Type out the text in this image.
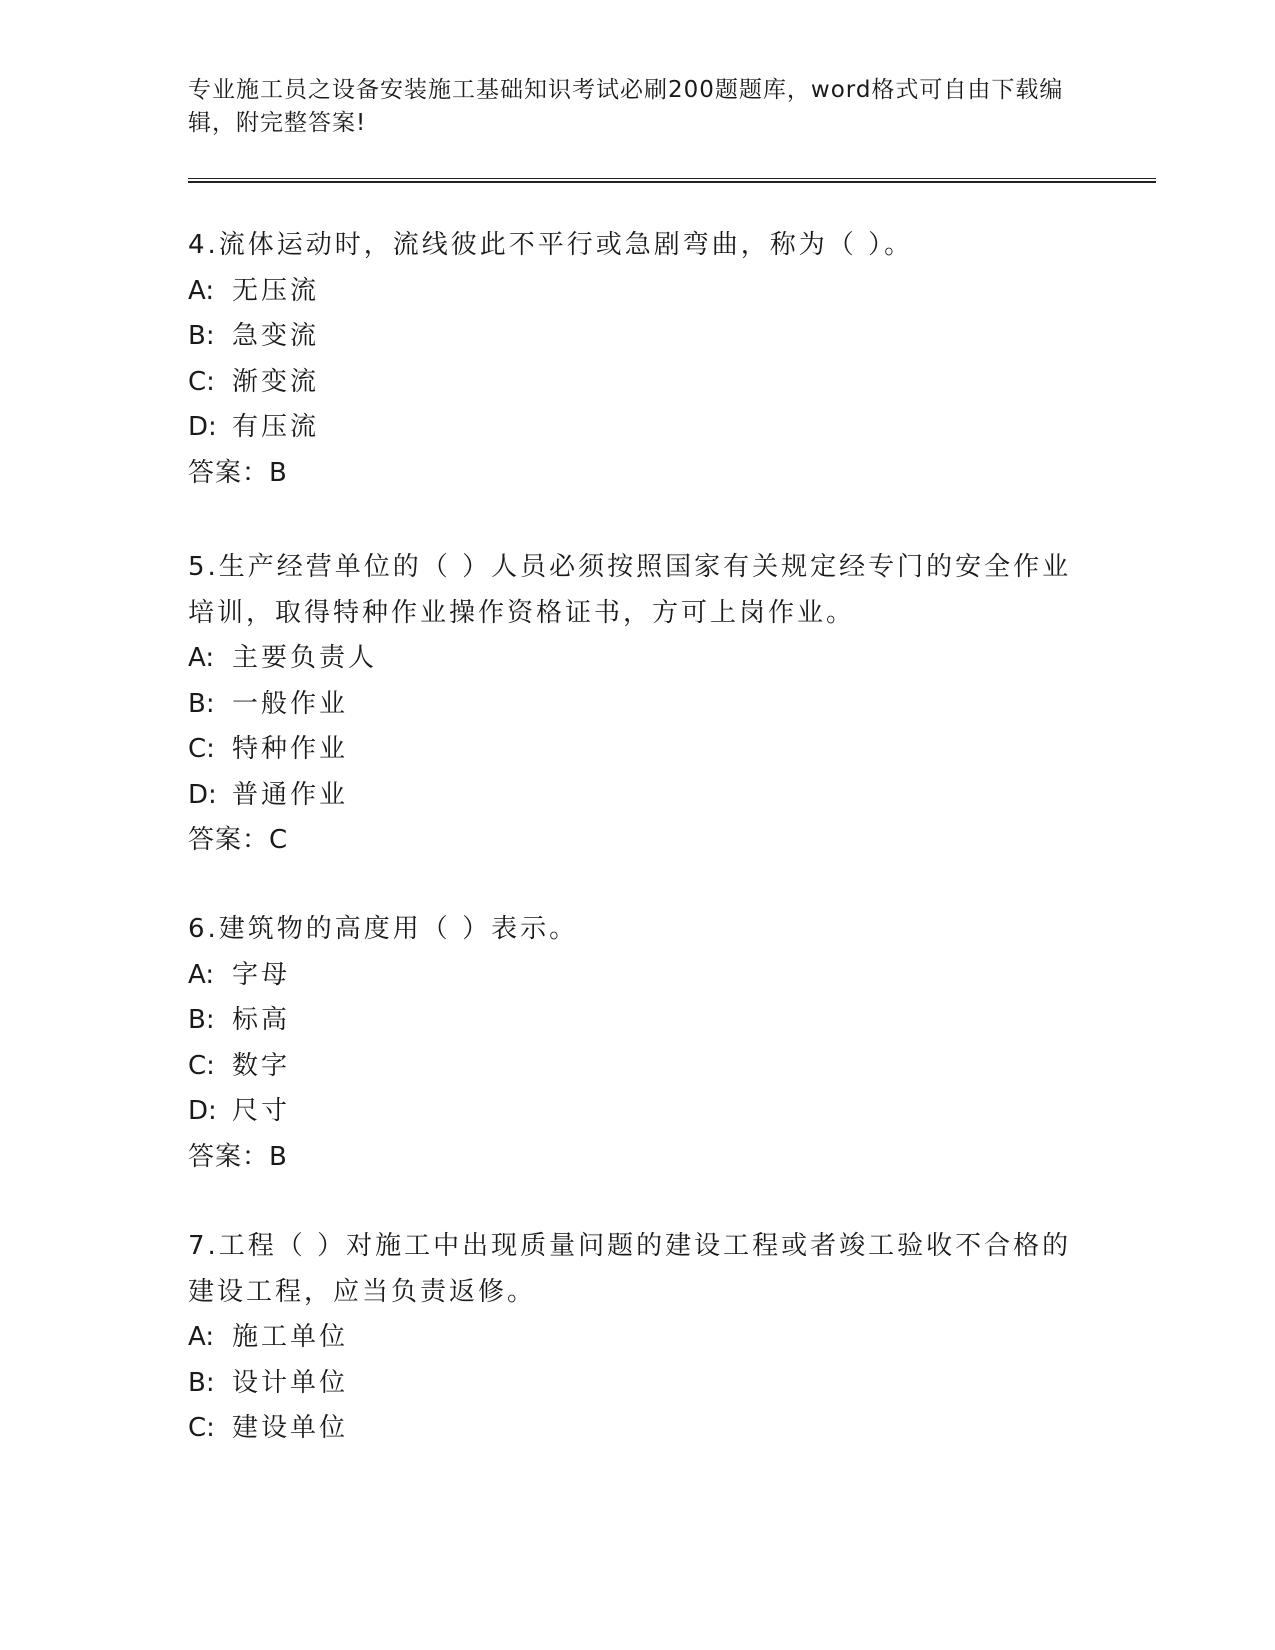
专业施工员之设备安装施工基础知识考试必刷200题题库，word格式可自由下载编辑，附完整答案!

4.流体运动时，流线彼此不平行或急剧弯曲，称为（ ）。

A: 无压流

B: 急变流

C: 渐变流

D: 有压流

答案：B

5.生产经营单位的（ ）人员必须按照国家有关规定经专门的安全作业培训，取得特种作业操作资格证书，方可上岗作业。

A: 主要负责人

B: 一般作业

C: 特种作业

D: 普通作业

答案：C

6.建筑物的高度用（ ）表示。

A: 字母

B: 标高

C: 数字

D: 尺寸

答案：B

7.工程（ ）对施工中出现质量问题的建设工程或者竣工验收不合格的建设工程，应当负责返修。

A: 施工单位

B: 设计单位

C: 建设单位
